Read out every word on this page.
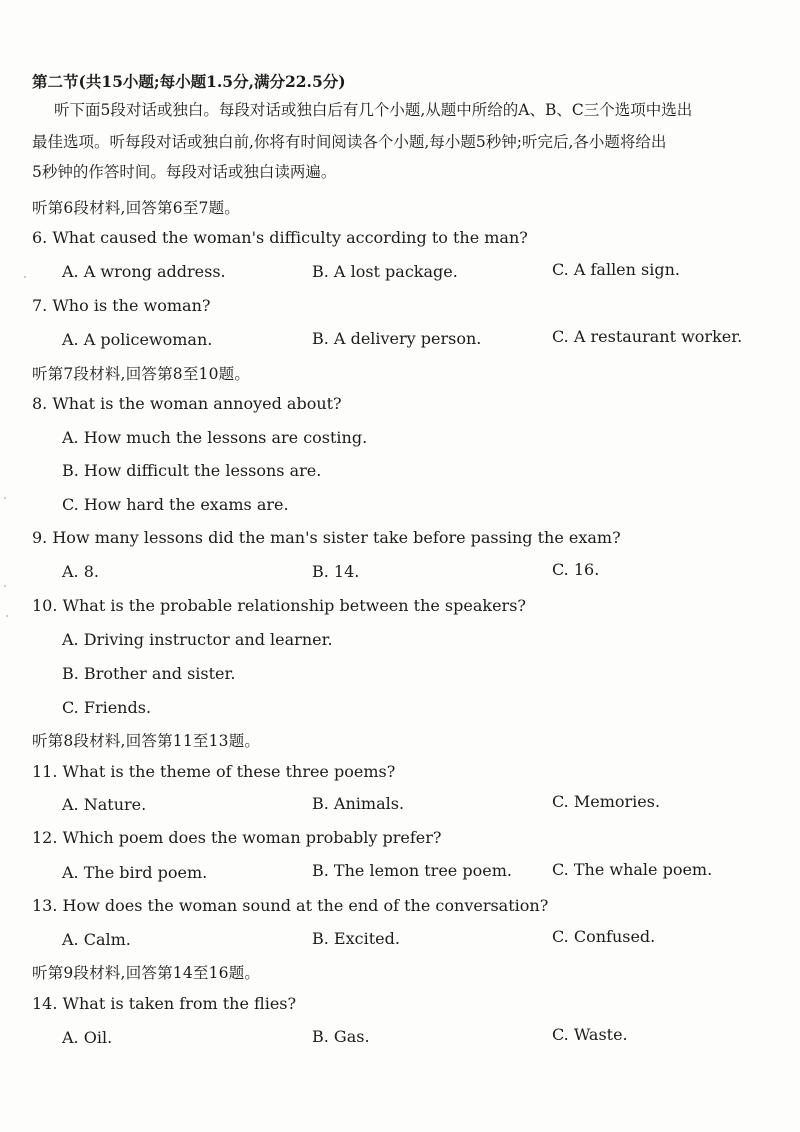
第二节(共15小题;每小题1.5分,满分22.5分)
听下面5段对话或独白。每段对话或独白后有几个小题,从题中所给的A、B、C三个选项中选出
最佳选项。听每段对话或独白前,你将有时间阅读各个小题,每小题5秒钟;听完后,各小题将给出
5秒钟的作答时间。每段对话或独白读两遍。
听第6段材料,回答第6至7题。
6. What caused the woman's difficulty according to the man?
A. A wrong address.	B. A lost package.	C. A fallen sign.
7. Who is the woman?
A. A policewoman.	B. A delivery person.	C. A restaurant worker.
听第7段材料,回答第8至10题。
8. What is the woman annoyed about?
A. How much the lessons are costing.
B. How difficult the lessons are.
C. How hard the exams are.
9. How many lessons did the man's sister take before passing the exam?
A. 8.	B. 14.	C. 16.
10. What is the probable relationship between the speakers?
A. Driving instructor and learner.
B. Brother and sister.
C. Friends.
听第8段材料,回答第11至13题。
11. What is the theme of these three poems?
A. Nature.	B. Animals.	C. Memories.
12. Which poem does the woman probably prefer?
A. The bird poem.	B. The lemon tree poem.	C. The whale poem.
13. How does the woman sound at the end of the conversation?
A. Calm.	B. Excited.	C. Confused.
听第9段材料,回答第14至16题。
14. What is taken from the flies?
A. Oil.	B. Gas.	C. Waste.
